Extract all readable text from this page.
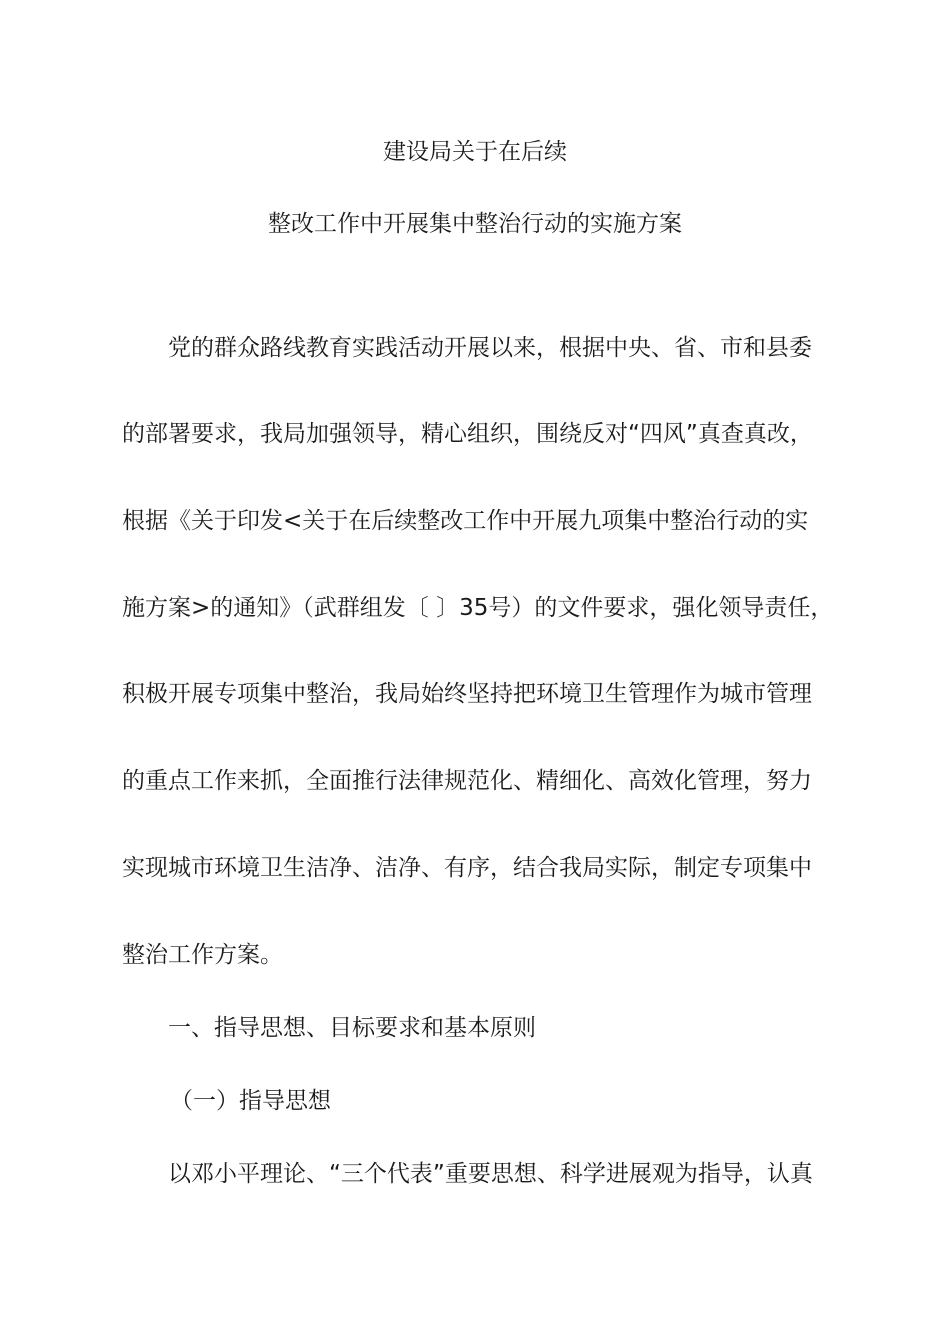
建设局关于在后续
整改工作中开展集中整治行动的实施方案
党的群众路线教育实践活动开展以来，根据中央、省、市和县委
的部署要求，我局加强领导，精心组织，围绕反对“四风”真查真改，
根据《关于印发<关于在后续整改工作中开展九项集中整治行动的实
施方案>的通知》（武群组发〔 〕35号）的文件要求，强化领导责任，
积极开展专项集中整治，我局始终坚持把环境卫生管理作为城市管理
的重点工作来抓，全面推行法律规范化、精细化、高效化管理，努力
实现城市环境卫生洁净、洁净、有序，结合我局实际，制定专项集中
整治工作方案。
一、指导思想、目标要求和基本原则
（一）指导思想
以邓小平理论、“三个代表”重要思想、科学进展观为指导，认真
